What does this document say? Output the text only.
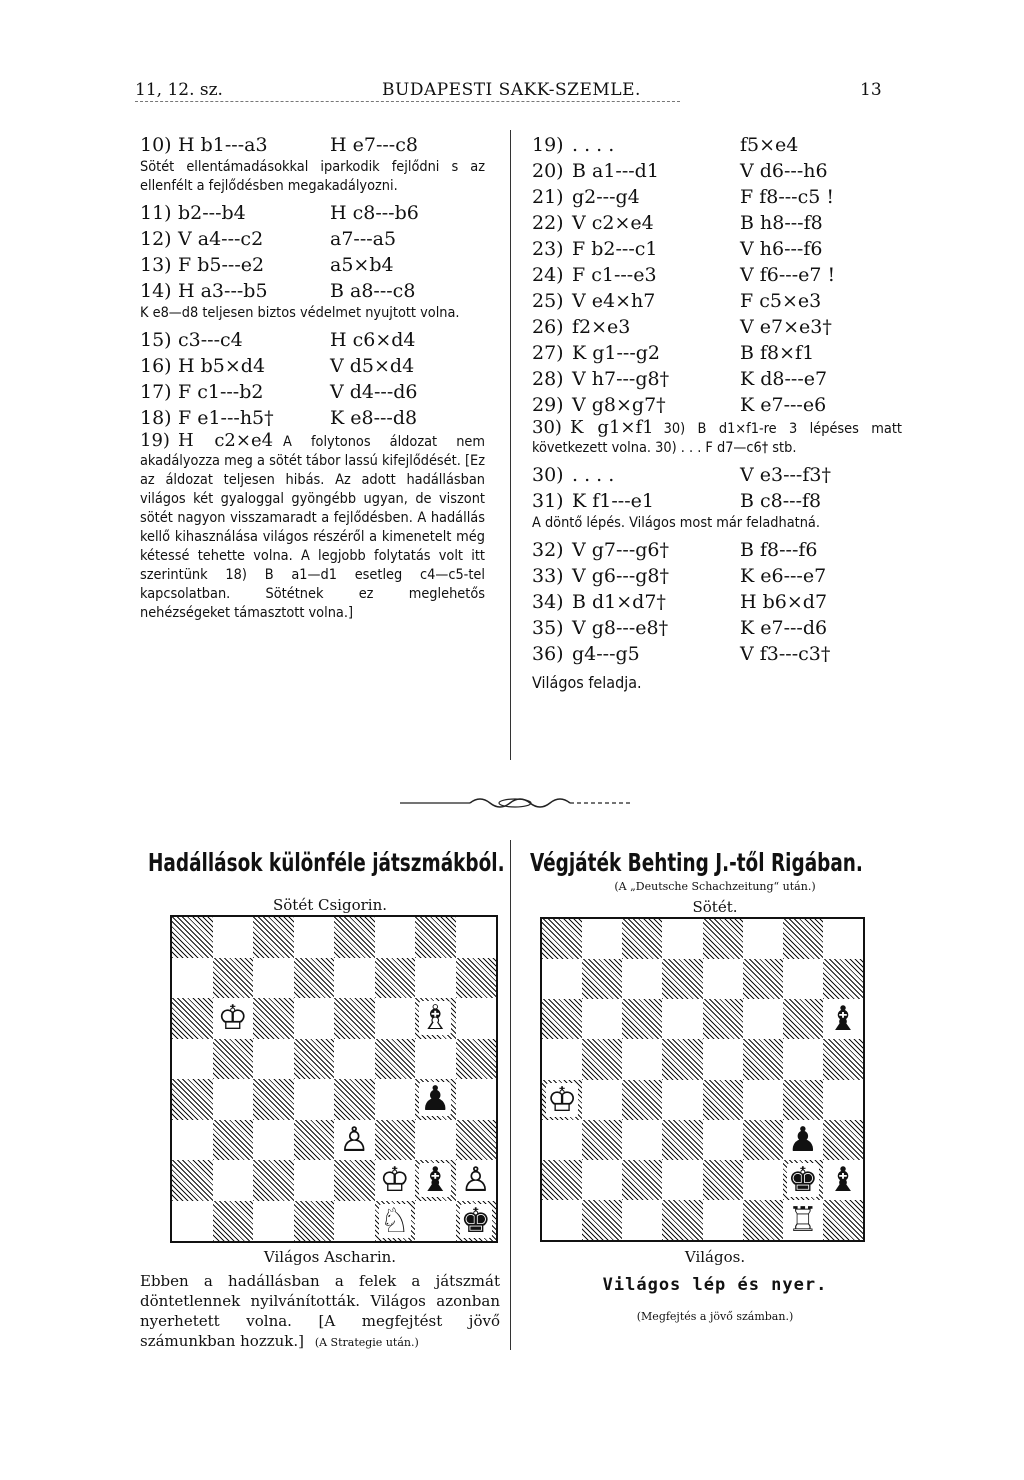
11, 12. sz.	BUDAPESTI SAKK-SZEMLE.	13
10) H b1---a3	H e7---c8
Sötét ellentámadásokkal iparkodik fejlődni s az ellenfélt a fejlődésben megakadályozni.
11) b2---b4	H c8---b6
12) V a4---c2	a7---a5
13) F b5---e2	a5×b4
14) H a3---b5	B a8---c8
K e8—d8 teljesen biztos védelmet nyujtott volna.
15) c3---c4	H c6×d4
16) H b5×d4	V d5×d4
17) F c1---b2	V d4---d6
18) F e1---h5†	K e8---d8
19) H c2×e4 A folytonos áldozat nem akadályozza meg a sötét tábor lassú kifejlődését. [Ez az áldozat teljesen hibás. Az adott hadállásban világos két gyaloggal gyöngébb ugyan, de viszont sötét nagyon visszamaradt a fejlődésben. A hadállás kellő kihasználása világos részéről a kimenetelt még kétessé tehette volna. A legjobb folytatás volt itt szerintünk 18) B a1—d1 esetleg c4—c5-tel kapcsolatban. Sötétnek ez meglehetős nehézségeket támasztott volna.]
19) . . . .	f5×e4
20) B a1---d1	V d6---h6
21) g2---g4	F f8---c5 !
22) V c2×e4	B h8---f8
23) F b2---c1	V h6---f6
24) F c1---e3	V f6---e7 !
25) V e4×h7	F c5×e3
26) f2×e3	V e7×e3†
27) K g1---g2	B f8×f1
28) V h7---g8†	K d8---e7
29) V g8×g7†	K e7---e6
30) K g1×f1 30) B d1×f1-re 3 lépéses matt következett volna. 30) . . . F d7—c6† stb.
30) . . . .	V e3---f3†
31) K f1---e1	B c8---f8
A döntő lépés. Világos most már feladhatná.
32) V g7---g6†	B f8---f6
33) V g6---g8†	K e6---e7
34) B d1×d7†	H b6×d7
35) V g8---e8†	K e7---d6
36) g4---g5	V f3---c3†
Világos feladja.
Hadállások különféle játszmákból.
Sötét Csigorin.
♔	♗
♟
♙
♔ ♝ ♙
♘ ♚
Világos Ascharin.
Ebben a hadállásban a felek a játszmát döntetlennek nyilvánították. Világos azonban nyerhetett volna. [A megfejtést jövő számunkban hozzuk.] (A Strategie után.)
Végjáték Behting J.-től Rigában.
(A „Deutsche Schachzeitung“ után.)
Sötét.
♝
♔
♟
♚ ♝
♖
Világos.
Világos lép és nyer.
(Megfejtés a jövő számban.)
